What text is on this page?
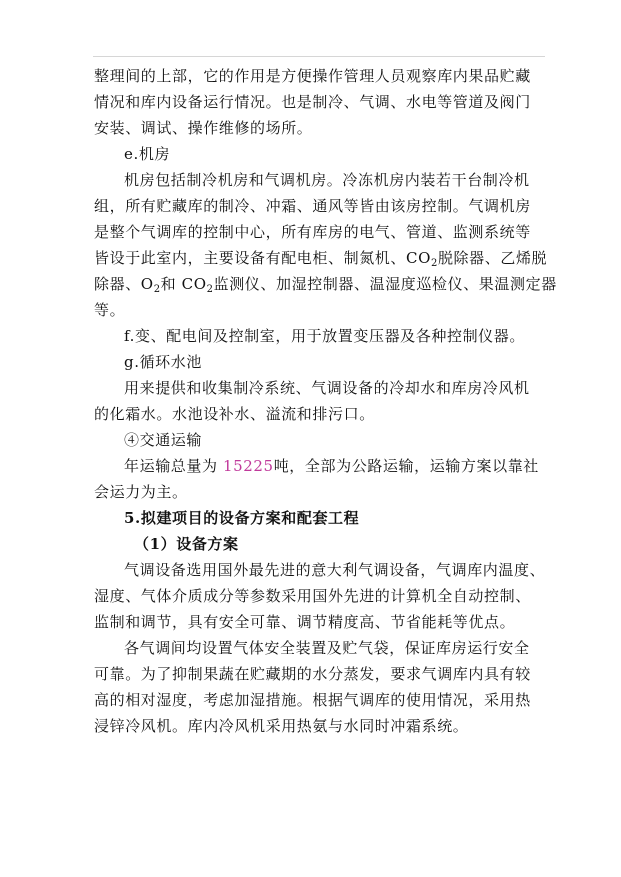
整理间的上部，它的作用是方便操作管理人员观察库内果品贮藏
情况和库内设备运行情况。也是制冷、气调、水电等管道及阀门
安装、调试、操作维修的场所。
e.机房
机房包括制冷机房和气调机房。冷冻机房内装若干台制冷机
组，所有贮藏库的制冷、冲霜、通风等皆由该房控制。气调机房
是整个气调库的控制中心，所有库房的电气、管道、监测系统等
皆设于此室内，主要设备有配电柜、制氮机、$CO_2$脱除器、乙烯脱
除器、$O_2$和 $CO_2$监测仪、加湿控制器、温湿度巡检仪、果温测定器
等。
f.变、配电间及控制室，用于放置变压器及各种控制仪器。
g.循环水池
用来提供和收集制冷系统、气调设备的冷却水和库房冷风机
的化霜水。水池设补水、溢流和排污口。
④交通运输
年运输总量为 15225吨，全部为公路运输，运输方案以靠社
会运力为主。
5.拟建项目的设备方案和配套工程
（1）设备方案
气调设备选用国外最先进的意大利气调设备，气调库内温度、
湿度、气体介质成分等参数采用国外先进的计算机全自动控制、
监制和调节，具有安全可靠、调节精度高、节省能耗等优点。
各气调间均设置气体安全装置及贮气袋，保证库房运行安全
可靠。为了抑制果蔬在贮藏期的水分蒸发，要求气调库内具有较
高的相对湿度，考虑加湿措施。根据气调库的使用情况，采用热
浸锌冷风机。库内冷风机采用热氨与水同时冲霜系统。
